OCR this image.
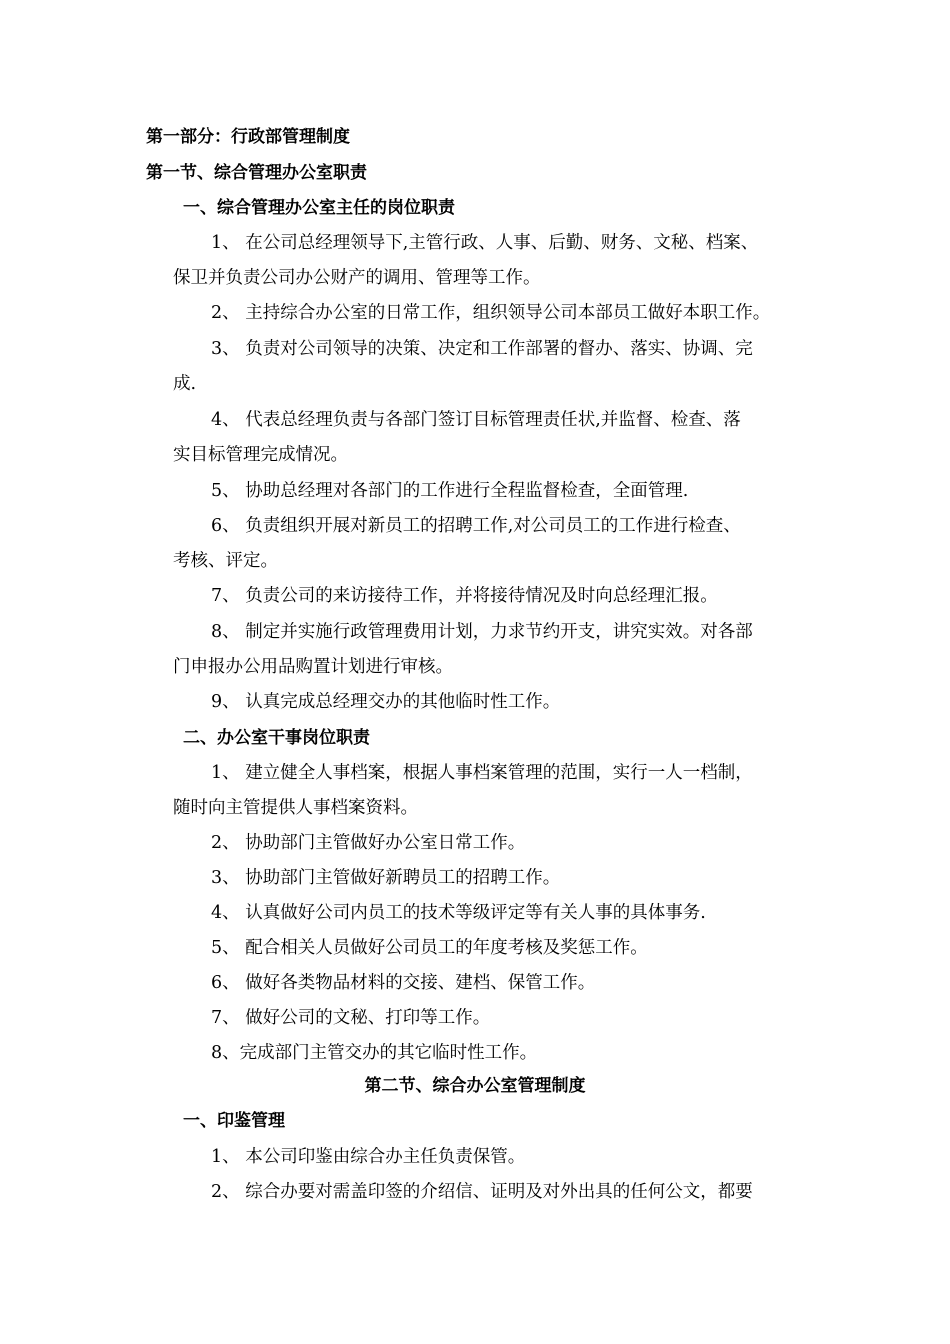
第一部分：行政部管理制度
第一节、综合管理办公室职责
一、综合管理办公室主任的岗位职责
1、 在公司总经理领导下,主管行政、人事、后勤、财务、文秘、档案、
保卫并负责公司办公财产的调用、管理等工作。
2、 主持综合办公室的日常工作，组织领导公司本部员工做好本职工作。
3、 负责对公司领导的决策、决定和工作部署的督办、落实、协调、完
成.
4、 代表总经理负责与各部门签订目标管理责任状,并监督、检查、落
实目标管理完成情况。
5、 协助总经理对各部门的工作进行全程监督检查，全面管理.
6、 负责组织开展对新员工的招聘工作,对公司员工的工作进行检查、
考核、评定。
7、 负责公司的来访接待工作，并将接待情况及时向总经理汇报。
8、 制定并实施行政管理费用计划，力求节约开支，讲究实效。对各部
门申报办公用品购置计划进行审核。
9、 认真完成总经理交办的其他临时性工作。
二、办公室干事岗位职责
1、 建立健全人事档案，根据人事档案管理的范围，实行一人一档制，
随时向主管提供人事档案资料。
2、 协助部门主管做好办公室日常工作。
3、 协助部门主管做好新聘员工的招聘工作。
4、 认真做好公司内员工的技术等级评定等有关人事的具体事务.
5、 配合相关人员做好公司员工的年度考核及奖惩工作。
6、 做好各类物品材料的交接、建档、保管工作。
7、 做好公司的文秘、打印等工作。
8、完成部门主管交办的其它临时性工作。
第二节、综合办公室管理制度
一、印鉴管理
1、 本公司印鉴由综合办主任负责保管。
2、 综合办要对需盖印签的介绍信、证明及对外出具的任何公文，都要
